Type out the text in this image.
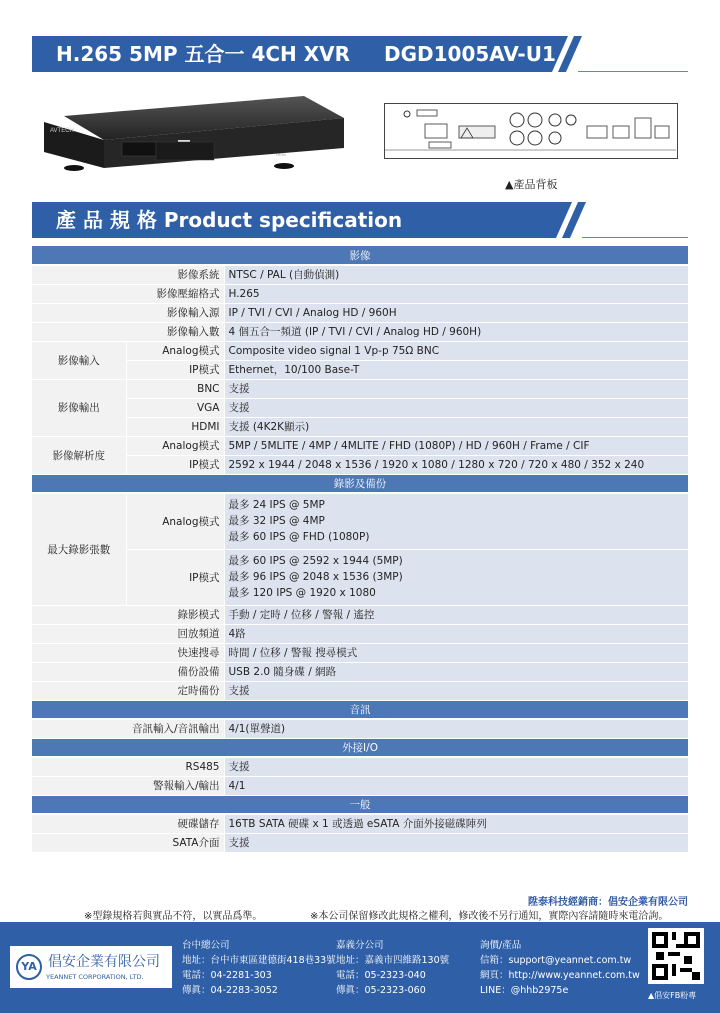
H.265 5MP 五合一 4CH XVR DGD1005AV-U1
AVTECH
HDMI
▲產品背板
產 品 規 格 Product specification
影像		
影像系統		NTSC / PAL (自動偵測)
影像壓縮格式		H.265
影像輸入源		IP / TVI / CVI / Analog HD / 960H
影像輸入數		4 個五合一頻道 (IP / TVI / CVI / Analog HD / 960H)
影像輸入	Analog模式	Composite video signal 1 Vp-p 75Ω BNC
	IP模式	Ethernet，10/100 Base-T
影像輸出	BNC	支援
	VGA	支援
	HDMI	支援 (4K2K顯示)
影像解析度	Analog模式	5MP / 5MLITE / 4MP / 4MLITE / FHD (1080P) / HD / 960H / Frame / CIF
	IP模式	2592 x 1944 / 2048 x 1536 / 1920 x 1080 / 1280 x 720 / 720 x 480 / 352 x 240
錄影及備份		
最大錄影張數	Analog模式	最多 24 IPS @ 5MP
最多 32 IPS @ 4MP
最多 60 IPS @ FHD (1080P)

	IP模式	最多 60 IPS @ 2592 x 1944 (5MP)
最多 96 IPS @ 2048 x 1536 (3MP)
最多 120 IPS @ 1920 x 1080

錄影模式		手動 / 定時 / 位移 / 警報 / 遙控
回放頻道		4路
快速搜尋		時間 / 位移 / 警報 搜尋模式
備份設備		USB 2.0 隨身碟 / 網路
定時備份		支援
音訊		
音訊輸入/音訊輸出		4/1(單聲道)
外接I/O		
RS485		支援
警報輸入/輸出		4/1
一般		
硬碟儲存		16TB SATA 硬碟 x 1 或透過 eSATA 介面外接磁碟陣列
SATA介面		支援
陞泰科技經銷商：倡安企業有限公司
※型錄規格若與實品不符，以實品爲準。	※本公司保留修改此規格之權利，修改後不另行通知，實際內容請隨時來電洽詢。
YA 倡安企業有限公司
YEANNET CORPORATION, LTD.
台中總公司
地址：台中市東區建德街418巷33號
電話：04-2281-303
傳眞：04-2283-3052
嘉義分公司
地址：嘉義市四維路130號
電話：05-2323-040
傳眞：05-2323-060
詢價/產品
信箱：support@yeannet.com.tw
網頁：http://www.yeannet.com.tw
LINE：@hhb2975e	▲倡安FB粉專
